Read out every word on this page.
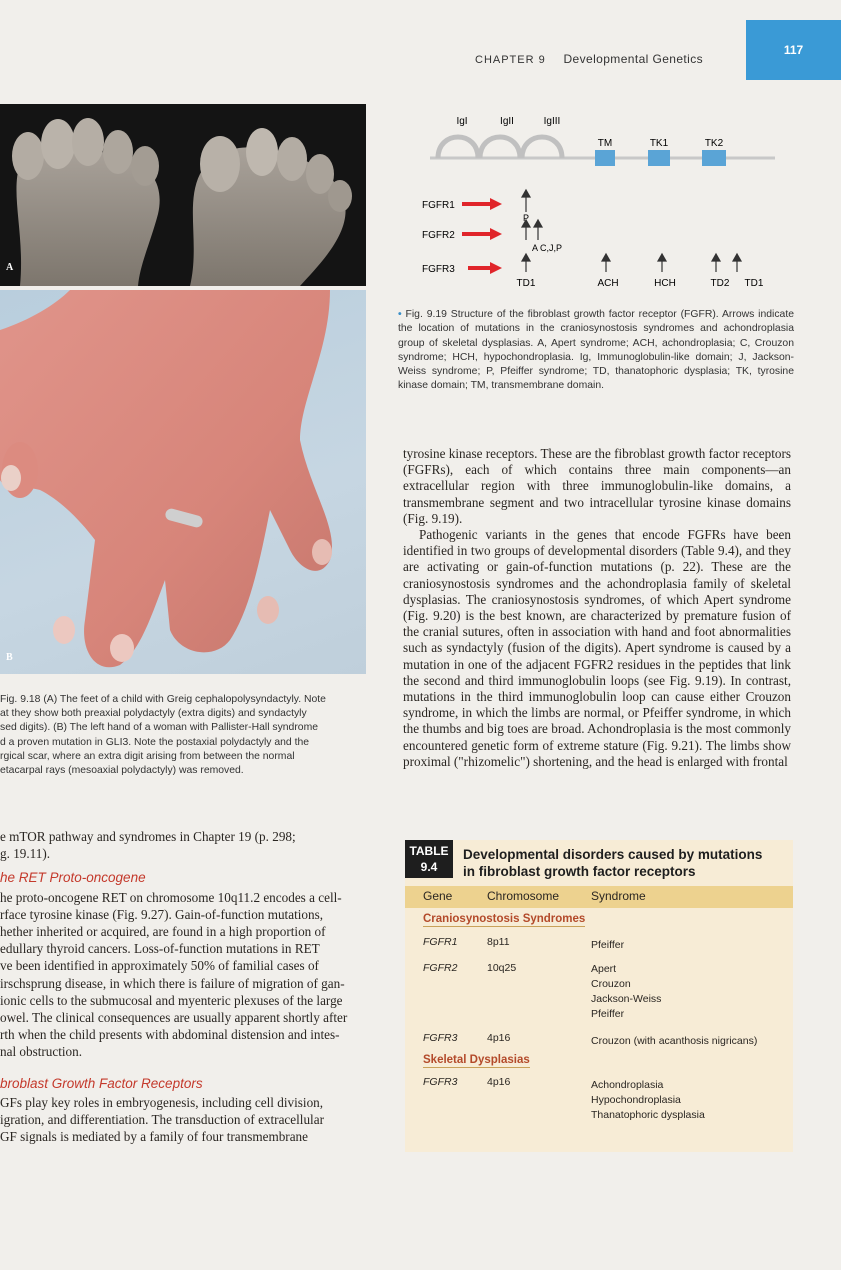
CHAPTER 9 Developmental Genetics
117
A
B
Fig. 9.18 (A) The feet of a child with Greig cephalopolysyndactyly. Note
at they show both preaxial polydactyly (extra digits) and syndactyly
sed digits). (B) The left hand of a woman with Pallister-Hall syndrome
d a proven mutation in GLI3. Note the postaxial polydactyly and the
rgical scar, where an extra digit arising from between the normal
etacarpal rays (mesoaxial polydactyly) was removed.

e mTOR pathway and syndromes in Chapter 19 (p. 298;

g. 19.11).

he RET Proto-oncogene

he proto-oncogene RET on chromosome 10q11.2 encodes a cell-

rface tyrosine kinase (Fig. 9.27). Gain-of-function mutations,

hether inherited or acquired, are found in a high proportion of

edullary thyroid cancers. Loss-of-function mutations in RET

ve been identified in approximately 50% of familial cases of

irschsprung disease, in which there is failure of migration of gan-

ionic cells to the submucosal and myenteric plexuses of the large

owel. The clinical consequences are usually apparent shortly after

rth when the child presents with abdominal distension and intes-

nal obstruction.

broblast Growth Factor Receptors

GFs play key roles in embryogenesis, including cell division,

igration, and differentiation. The transduction of extracellular

GF signals is mediated by a family of four transmembrane

IgI	IgII	IgIII
TM	TK1	TK2
FGFR1
FGFR2
FGFR3
P
A C,J,P
TD1	ACH	HCH	TD2 TD1
• Fig. 9.19 Structure of the fibroblast growth factor receptor (FGFR). Arrows indicate the location of mutations in the craniosynostosis syndromes and achondroplasia group of skeletal dysplasias. A, Apert syndrome; ACH, achondroplasia; C, Crouzon syndrome; HCH, hypochondroplasia. Ig, Immunoglobulin-like domain; J, Jackson-Weiss syndrome; P, Pfeiffer syndrome; TD, thanatophoric dysplasia; TK, tyrosine kinase domain; TM, transmembrane domain.

tyrosine kinase receptors. These are the fibroblast growth factor receptors (FGFRs), each of which contains three main components—an extracellular region with three immunoglobulin-like domains, a transmembrane segment and two intracellular tyrosine kinase domains (Fig. 9.19).

Pathogenic variants in the genes that encode FGFRs have been identified in two groups of developmental disorders (Table 9.4), and they are activating or gain-of-function mutations (p. 22). These are the craniosynostosis syndromes and the achondroplasia family of skeletal dysplasias. The craniosynostosis syndromes, of which Apert syndrome (Fig. 9.20) is the best known, are characterized by premature fusion of the cranial sutures, often in association with hand and foot abnormalities such as syndactyly (fusion of the digits). Apert syndrome is caused by a mutation in one of the adjacent FGFR2 residues in the peptides that link the second and third immunoglobulin loops (see Fig. 9.19). In contrast, mutations in the third immunoglobulin loop can cause either Crouzon syndrome, in which the limbs are normal, or Pfeiffer syndrome, in which the thumbs and big toes are broad. Achondroplasia is the most commonly encountered genetic form of extreme stature (Fig. 9.21). The limbs show proximal ("rhizomelic") shortening, and the head is enlarged with frontal

TABLE
9.4
Developmental disorders caused by mutations
in fibroblast growth factor receptors
Gene	Chromosome	Syndrome
Craniosynostosis Syndromes
FGFR1	8p11	Pfeiffer
FGFR2	10q25	Apert
Crouzon
Jackson-Weiss
Pfeiffer
FGFR3	4p16	Crouzon (with acanthosis nigricans)
Skeletal Dysplasias
FGFR3	4p16	Achondroplasia
Hypochondroplasia
Thanatophoric dysplasia
